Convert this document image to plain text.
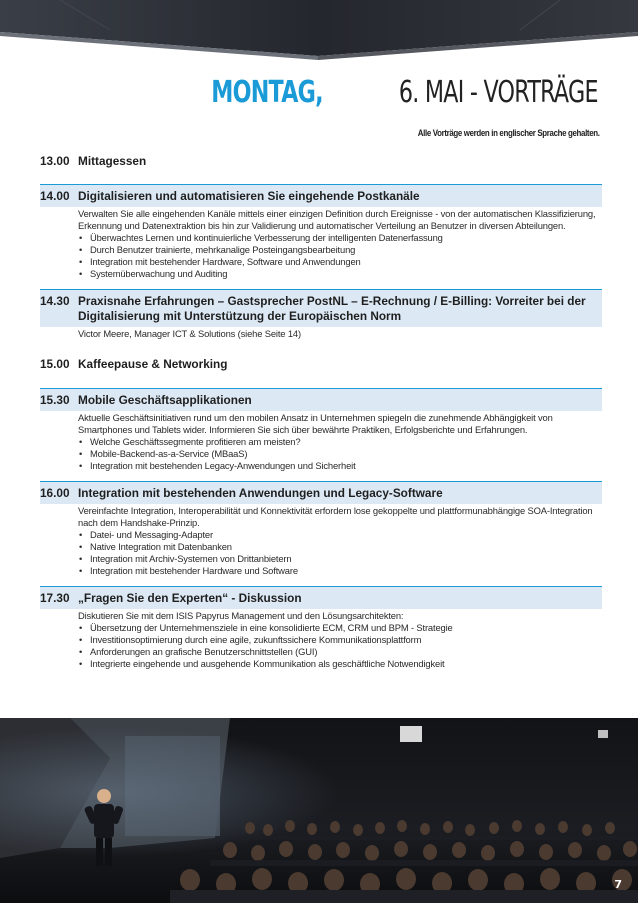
MONTAG,	6. MAI - VORTRÄGE
Alle Vorträge werden in englischer Sprache gehalten.
13.00 Mittagessen
14.00 Digitalisieren und automatisieren Sie eingehende Postkanäle

Verwalten Sie alle eingehenden Kanäle mittels einer einzigen Definition durch Ereignisse - von der automatischen Klassifizierung, Erkennung und Datenextraktion bis hin zur Validierung und automatischer Verteilung an Benutzer in diversen Abteilungen.

• Überwachtes Lernen und kontinuierliche Verbesserung der intelligenten Datenerfassung
• Durch Benutzer trainierte, mehrkanalige Posteingangsbearbeitung
• Integration mit bestehender Hardware, Software und Anwendungen
• Systemüberwachung und Auditing
14.30 Praxisnahe Erfahrungen – Gastsprecher PostNL – E-Rechnung / E-Billing: Vorreiter bei der Digitalisierung mit Unterstützung der Europäischen Norm

Victor Meere, Manager ICT & Solutions (siehe Seite 14)

15.00 Kaffeepause & Networking
15.30 Mobile Geschäftsapplikationen

Aktuelle Geschäftsinitiativen rund um den mobilen Ansatz in Unternehmen spiegeln die zunehmende Abhängigkeit von Smartphones und Tablets wider. Informieren Sie sich über bewährte Praktiken, Erfolgsberichte und Erfahrungen.

• Welche Geschäftssegmente profitieren am meisten?
• Mobile-Backend-as-a-Service (MBaaS)
• Integration mit bestehenden Legacy-Anwendungen und Sicherheit
16.00 Integration mit bestehenden Anwendungen und Legacy-Software

Vereinfachte Integration, Interoperabilität und Konnektivität erfordern lose gekoppelte und plattformunabhängige SOA-Integration nach dem Handshake-Prinzip.

• Datei- und Messaging-Adapter
• Native Integration mit Datenbanken
• Integration mit Archiv-Systemen von Drittanbietern
• Integration mit bestehender Hardware und Software
17.30 „Fragen Sie den Experten“ - Diskussion

Diskutieren Sie mit dem ISIS Papyrus Management und den Lösungsarchitekten:

• Übersetzung der Unternehmensziele in eine konsolidierte ECM, CRM und BPM - Strategie
• Investitionsoptimierung durch eine agile, zukunftssichere Kommunikationsplattform
• Anforderungen an grafische Benutzerschnittstellen (GUI)
• Integrierte eingehende und ausgehende Kommunikation als geschäftliche Notwendigkeit
7
